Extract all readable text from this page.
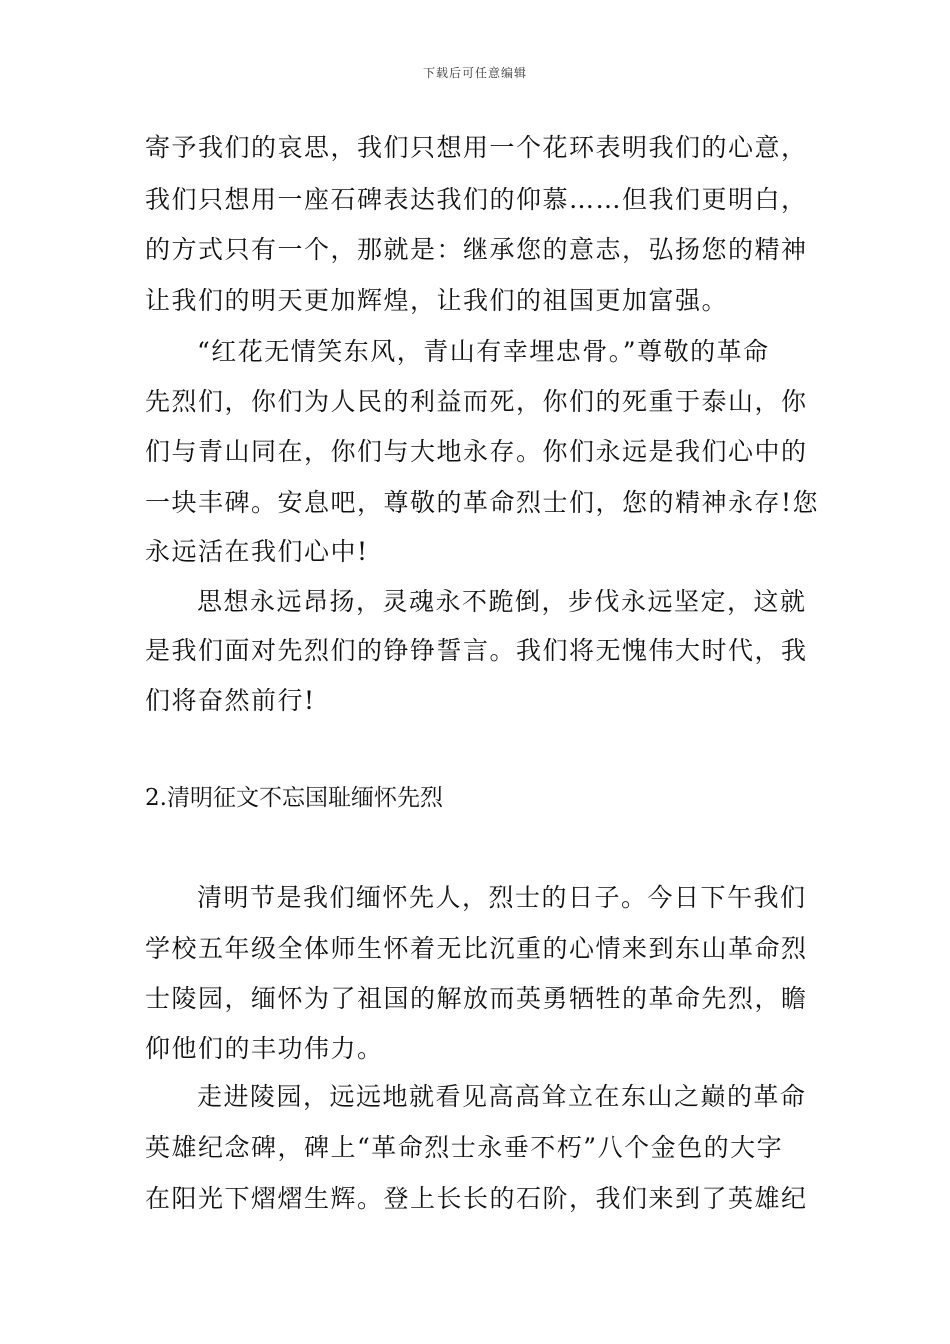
下载后可任意编辑
寄予我们的哀思，我们只想用一个花环表明我们的心意，
我们只想用一座石碑表达我们的仰慕……但我们更明白，
的方式只有一个，那就是：继承您的意志，弘扬您的精神
让我们的明天更加辉煌，让我们的祖国更加富强。
“红花无情笑东风，青山有幸埋忠骨。”尊敬的革命
先烈们，你们为人民的利益而死，你们的死重于泰山，你
们与青山同在，你们与大地永存。你们永远是我们心中的
一块丰碑。安息吧，尊敬的革命烈士们，您的精神永存!您
永远活在我们心中!
思想永远昂扬，灵魂永不跪倒，步伐永远坚定，这就
是我们面对先烈们的铮铮誓言。我们将无愧伟大时代，我
们将奋然前行!
2.清明征文不忘国耻缅怀先烈
清明节是我们缅怀先人，烈士的日子。今日下午我们
学校五年级全体师生怀着无比沉重的心情来到东山革命烈
士陵园，缅怀为了祖国的解放而英勇牺牲的革命先烈，瞻
仰他们的丰功伟力。
走进陵园，远远地就看见高高耸立在东山之巅的革命
英雄纪念碑，碑上“革命烈士永垂不朽”八个金色的大字
在阳光下熠熠生辉。登上长长的石阶，我们来到了英雄纪
